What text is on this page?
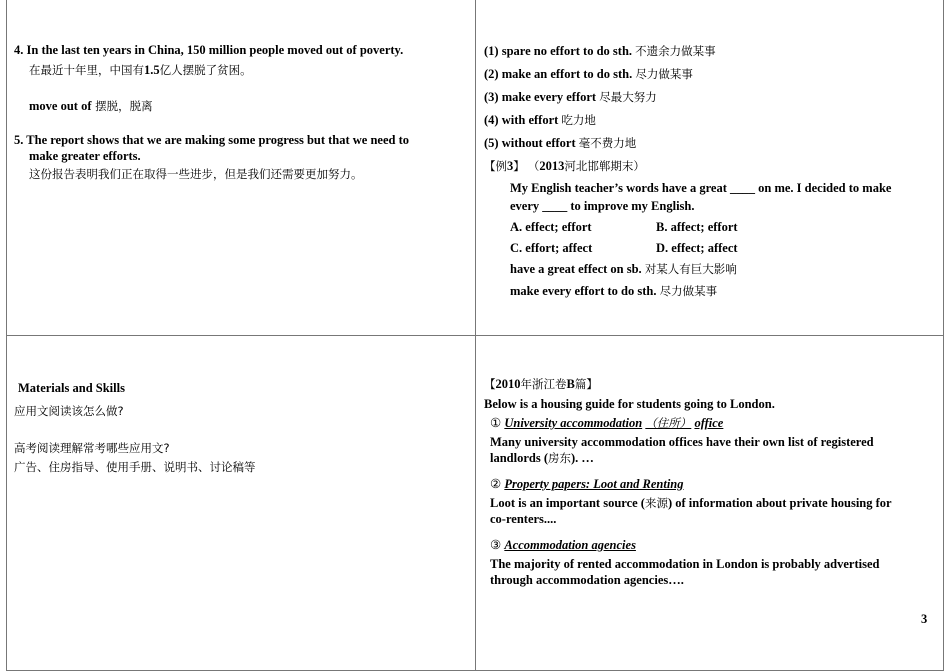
4. In the last ten years in China, 150 million people moved out of poverty.
在最近十年里，中国有1.5亿人摆脱了贫困。
move out of 摆脱，脱离
5. The report shows that we are making some progress but that we need to
make greater efforts.
这份报告表明我们正在取得一些进步，但是我们还需要更加努力。
(1) spare no effort to do sth. 不遗余力做某事
(2) make an effort to do sth. 尽力做某事
(3) make every effort 尽最大努力
(4) with effort 吃力地
(5) without effort 毫不费力地
【例3】 （2013河北邯郸期末）
My English teacher’s words have a great ____ on me. I decided to make
every ____ to improve my English.
A. effect; effort	B. affect; effort
C. effort; affect	D. effect; affect
have a great effect on sb. 对某人有巨大影响
make every effort to do sth. 尽力做某事
Materials and Skills
应用文阅读该怎么做?
高考阅读理解常考哪些应用文?
广告、住房指导、使用手册、说明书、讨论稿等
【2010年浙江卷B篇】
Below is a housing guide for students going to London.
① University accommodation （住所） office
Many university accommodation offices have their own list of registered
landlords (房东). …
② Property papers: Loot and Renting
Loot is an important source (来源) of information about private housing for
co-renters....
③ Accommodation agencies
The majority of rented accommodation in London is probably advertised
through accommodation agencies….
3
